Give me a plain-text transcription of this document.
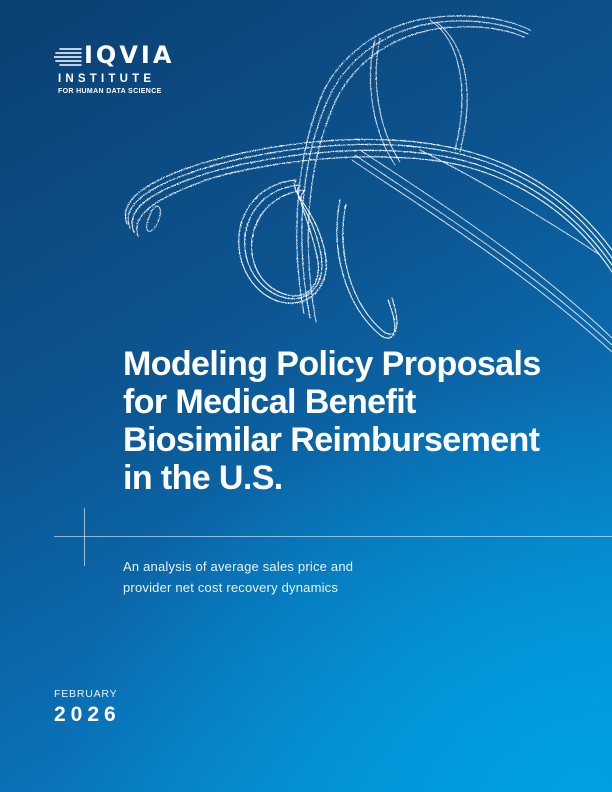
IQVIA
INSTITUTE
FOR HUMAN DATA SCIENCE
Modeling Policy Proposals
for Medical Benefit
Biosimilar Reimbursement
in the U.S.
An analysis of average sales price and
provider net cost recovery dynamics
FEBRUARY
2026
